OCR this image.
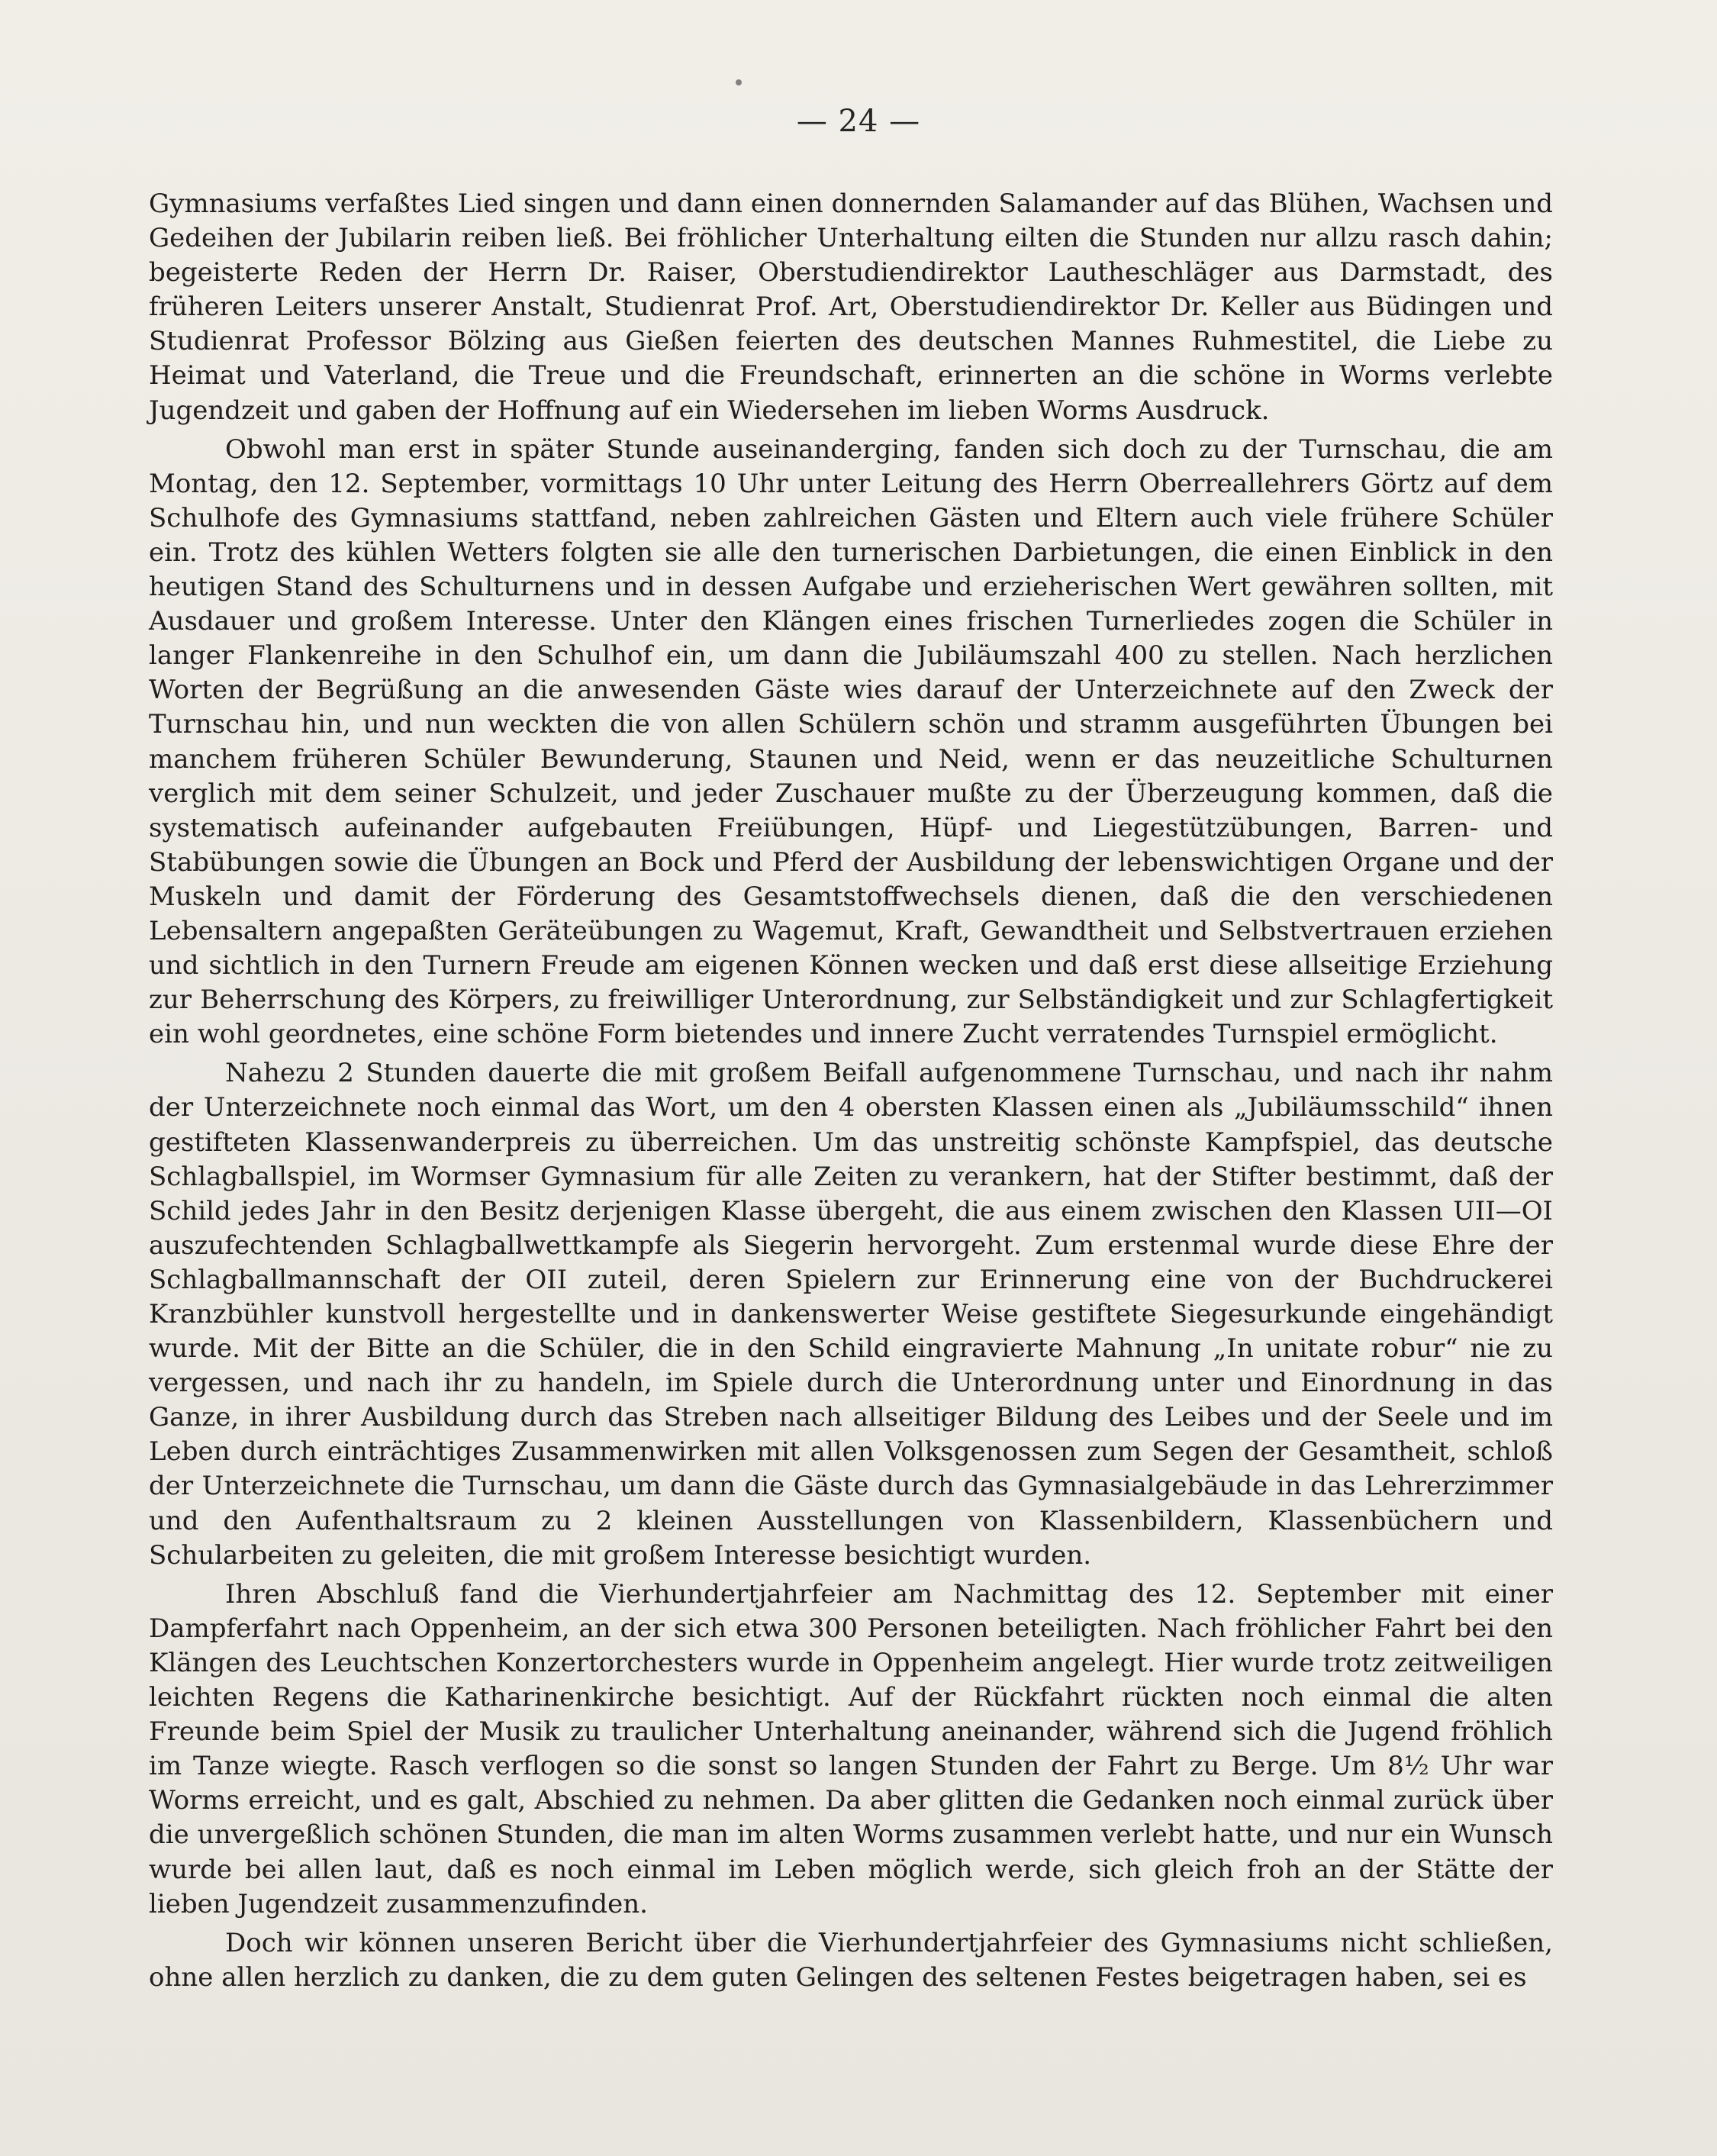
— 24 —

Gymnasiums verfaßtes Lied singen und dann einen donnernden Salamander auf das Blühen, Wachsen und Gedeihen der Jubilarin reiben ließ. Bei fröhlicher Unterhaltung eilten die Stunden nur allzu rasch dahin; begeisterte Reden der Herrn Dr. Raiser, Oberstudiendirektor Lautheschläger aus Darmstadt, des früheren Leiters unserer Anstalt, Studienrat Prof. Art, Oberstudiendirektor Dr. Keller aus Büdingen und Studienrat Professor Bölzing aus Gießen feierten des deutschen Mannes Ruhmestitel, die Liebe zu Heimat und Vaterland, die Treue und die Freundschaft, erinnerten an die schöne in Worms verlebte Jugendzeit und gaben der Hoffnung auf ein Wiedersehen im lieben Worms Ausdruck.

Obwohl man erst in später Stunde auseinanderging, fanden sich doch zu der Turnschau, die am Montag, den 12. September, vormittags 10 Uhr unter Leitung des Herrn Oberreallehrers Görtz auf dem Schulhofe des Gymnasiums stattfand, neben zahlreichen Gästen und Eltern auch viele frühere Schüler ein. Trotz des kühlen Wetters folgten sie alle den turnerischen Darbietungen, die einen Einblick in den heutigen Stand des Schulturnens und in dessen Aufgabe und erzieherischen Wert gewähren sollten, mit Ausdauer und großem Interesse. Unter den Klängen eines frischen Turnerliedes zogen die Schüler in langer Flankenreihe in den Schulhof ein, um dann die Jubiläumszahl 400 zu stellen. Nach herzlichen Worten der Begrüßung an die anwesenden Gäste wies darauf der Unterzeichnete auf den Zweck der Turnschau hin, und nun weckten die von allen Schülern schön und stramm ausgeführten Übungen bei manchem früheren Schüler Bewunderung, Staunen und Neid, wenn er das neuzeitliche Schulturnen verglich mit dem seiner Schulzeit, und jeder Zuschauer mußte zu der Überzeugung kommen, daß die systematisch aufeinander aufgebauten Freiübungen, Hüpf- und Liegestützübungen, Barren- und Stabübungen sowie die Übungen an Bock und Pferd der Ausbildung der lebenswichtigen Organe und der Muskeln und damit der Förderung des Gesamtstoffwechsels dienen, daß die den verschiedenen Lebensaltern angepaßten Geräteübungen zu Wagemut, Kraft, Gewandtheit und Selbstvertrauen erziehen und sichtlich in den Turnern Freude am eigenen Können wecken und daß erst diese allseitige Erziehung zur Beherrschung des Körpers, zu freiwilliger Unterordnung, zur Selbständigkeit und zur Schlagfertigkeit ein wohl geordnetes, eine schöne Form bietendes und innere Zucht verratendes Turnspiel ermöglicht.

Nahezu 2 Stunden dauerte die mit großem Beifall aufgenommene Turnschau, und nach ihr nahm der Unterzeichnete noch einmal das Wort, um den 4 obersten Klassen einen als „Jubiläumsschild“ ihnen gestifteten Klassenwanderpreis zu überreichen. Um das unstreitig schönste Kampfspiel, das deutsche Schlagballspiel, im Wormser Gymnasium für alle Zeiten zu verankern, hat der Stifter bestimmt, daß der Schild jedes Jahr in den Besitz derjenigen Klasse übergeht, die aus einem zwischen den Klassen UII—OI auszufechtenden Schlagballwettkampfe als Siegerin hervorgeht. Zum erstenmal wurde diese Ehre der Schlagballmannschaft der OII zuteil, deren Spielern zur Erinnerung eine von der Buchdruckerei Kranzbühler kunstvoll hergestellte und in dankenswerter Weise gestiftete Siegesurkunde eingehändigt wurde. Mit der Bitte an die Schüler, die in den Schild eingravierte Mahnung „In unitate robur“ nie zu vergessen, und nach ihr zu handeln, im Spiele durch die Unterordnung unter und Einordnung in das Ganze, in ihrer Ausbildung durch das Streben nach allseitiger Bildung des Leibes und der Seele und im Leben durch einträchtiges Zusammenwirken mit allen Volksgenossen zum Segen der Gesamtheit, schloß der Unterzeichnete die Turnschau, um dann die Gäste durch das Gymnasialgebäude in das Lehrerzimmer und den Aufenthaltsraum zu 2 kleinen Ausstellungen von Klassenbildern, Klassenbüchern und Schularbeiten zu geleiten, die mit großem Interesse besichtigt wurden.

Ihren Abschluß fand die Vierhundertjahrfeier am Nachmittag des 12. September mit einer Dampferfahrt nach Oppenheim, an der sich etwa 300 Personen beteiligten. Nach fröhlicher Fahrt bei den Klängen des Leuchtschen Konzertorchesters wurde in Oppenheim angelegt. Hier wurde trotz zeitweiligen leichten Regens die Katharinenkirche besichtigt. Auf der Rückfahrt rückten noch einmal die alten Freunde beim Spiel der Musik zu traulicher Unterhaltung aneinander, während sich die Jugend fröhlich im Tanze wiegte. Rasch verflogen so die sonst so langen Stunden der Fahrt zu Berge. Um 8½ Uhr war Worms erreicht, und es galt, Abschied zu nehmen. Da aber glitten die Gedanken noch einmal zurück über die unvergeßlich schönen Stunden, die man im alten Worms zusammen verlebt hatte, und nur ein Wunsch wurde bei allen laut, daß es noch einmal im Leben möglich werde, sich gleich froh an der Stätte der lieben Jugendzeit zusammenzufinden.

Doch wir können unseren Bericht über die Vierhundertjahrfeier des Gymnasiums nicht schließen, ohne allen herzlich zu danken, die zu dem guten Gelingen des seltenen Festes beigetragen haben, sei es
